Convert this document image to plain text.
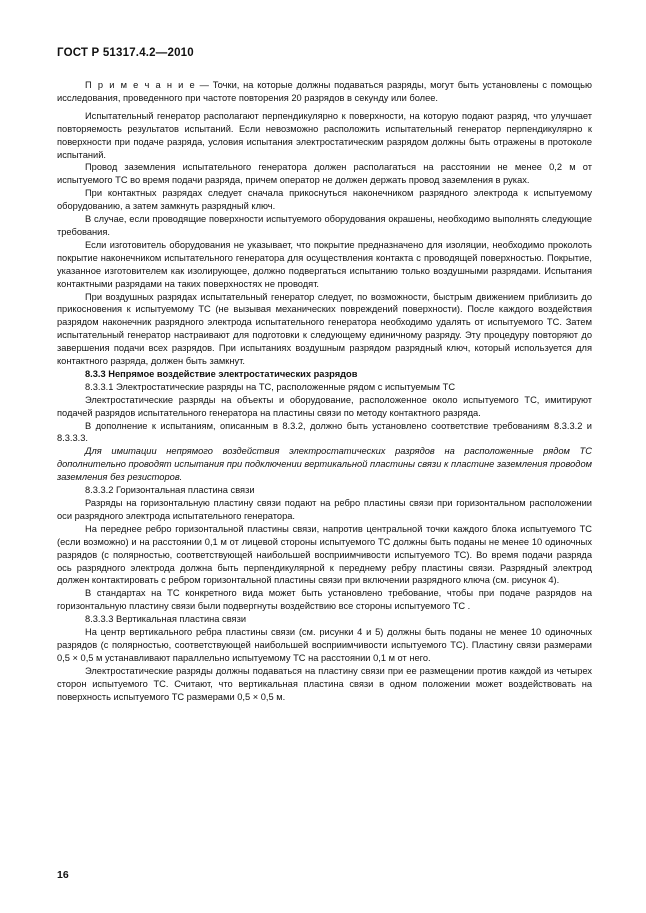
ГОСТ Р 51317.4.2—2010

П р и м е ч а н и е — Точки, на которые должны подаваться разряды, могут быть установлены с помощью исследования, проведенного при частоте повторения 20 разрядов в секунду или более.

Испытательный генератор располагают перпендикулярно к поверхности, на которую подают разряд, что улучшает повторяемость результатов испытаний. Если невозможно расположить испытательный генератор перпендикулярно к поверхности при подаче разряда, условия испытания электростатическим разрядом должны быть отражены в протоколе испытаний.

Провод заземления испытательного генератора должен располагаться на расстоянии не менее 0,2 м от испытуемого ТС во время подачи разряда, причем оператор не должен держать провод заземления в руках.

При контактных разрядах следует сначала прикоснуться наконечником разрядного электрода к испытуемому оборудованию, а затем замкнуть разрядный ключ.

В случае, если проводящие поверхности испытуемого оборудования окрашены, необходимо выполнять следующие требования.

Если изготовитель оборудования не указывает, что покрытие предназначено для изоляции, необходимо проколоть покрытие наконечником испытательного генератора для осуществления контакта с проводящей поверхностью. Покрытие, указанное изготовителем как изолирующее, должно подвергаться испытанию только воздушными разрядами. Испытания контактными разрядами на таких поверхностях не проводят.

При воздушных разрядах испытательный генератор следует, по возможности, быстрым движением приблизить до прикосновения к испытуемому ТС (не вызывая механических повреждений поверхности). После каждого воздействия разрядом наконечник разрядного электрода испытательного генератора необходимо удалять от испытуемого ТС. Затем испытательный генератор настраивают для подготовки к следующему единичному разряду. Эту процедуру повторяют до завершения подачи всех разрядов. При испытаниях воздушным разрядом разрядный ключ, который используется для контактного разряда, должен быть замкнут.

8.3.3 Непрямое воздействие электростатических разрядов

8.3.3.1 Электростатические разряды на ТС, расположенные рядом с испытуемым ТС

Электростатические разряды на объекты и оборудование, расположенное около испытуемого ТС, имитируют подачей разрядов испытательного генератора на пластины связи по методу контактного разряда.

В дополнение к испытаниям, описанным в 8.3.2, должно быть установлено соответствие требованиям 8.3.3.2 и 8.3.3.3.

Для имитации непрямого воздействия электростатических разрядов на расположенные рядом ТС дополнительно проводят испытания при подключении вертикальной пластины связи к пластине заземления проводом заземления без резисторов.

8.3.3.2 Горизонтальная пластина связи

Разряды на горизонтальную пластину связи подают на ребро пластины связи при горизонтальном расположении оси разрядного электрода испытательного генератора.

На переднее ребро горизонтальной пластины связи, напротив центральной точки каждого блока испытуемого ТС (если возможно) и на расстоянии 0,1 м от лицевой стороны испытуемого ТС должны быть поданы не менее 10 одиночных разрядов (с полярностью, соответствующей наибольшей восприимчивости испытуемого ТС). Во время подачи разряда ось разрядного электрода должна быть перпендикулярной к переднему ребру пластины связи. Разрядный электрод должен контактировать с ребром горизонтальной пластины связи при включении разрядного ключа (см. рисунок 4).

В стандартах на ТС конкретного вида может быть установлено требование, чтобы при подаче разрядов на горизонтальную пластину связи были подвергнуты воздействию все стороны испытуемого ТС .

8.3.3.3 Вертикальная пластина связи

На центр вертикального ребра пластины связи (см. рисунки 4 и 5) должны быть поданы не менее 10 одиночных разрядов (с полярностью, соответствующей наибольшей восприимчивости испытуемого ТС). Пластину связи размерами 0,5 × 0,5 м устанавливают параллельно испытуемому ТС на расстоянии 0,1 м от него.

Электростатические разряды должны подаваться на пластину связи при ее размещении против каждой из четырех сторон испытуемого ТС. Считают, что вертикальная пластина связи в одном положении может воздействовать на поверхность испытуемого ТС размерами 0,5 × 0,5 м.

16
